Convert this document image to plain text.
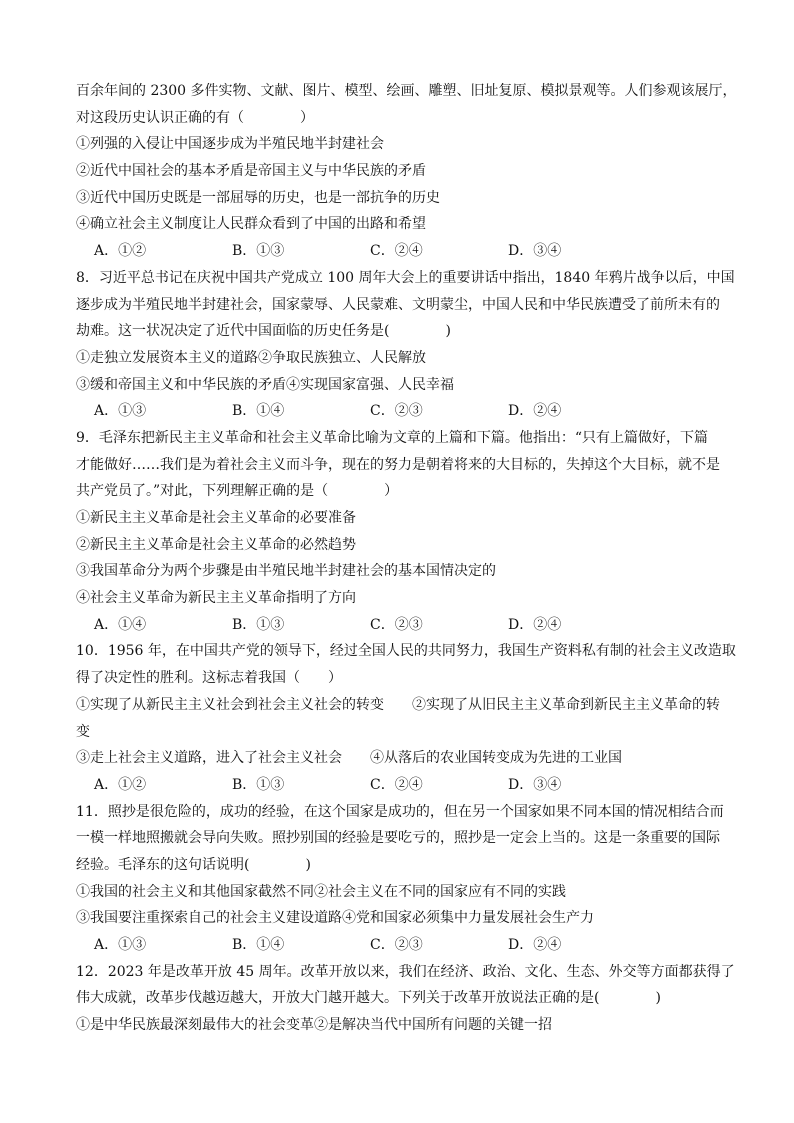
百余年间的 2300 多件实物、文献、图片、模型、绘画、雕塑、旧址复原、模拟景观等。人们参观该展厅，
对这段历史认识正确的有（　　　　）
①列强的入侵让中国逐步成为半殖民地半封建社会
②近代中国社会的基本矛盾是帝国主义与中华民族的矛盾
③近代中国历史既是一部屈辱的历史，也是一部抗争的历史
④确立社会主义制度让人民群众看到了中国的出路和希望
A．①②	B．①③	C．②④	D．③④
8．习近平总书记在庆祝中国共产党成立 100 周年大会上的重要讲话中指出，1840 年鸦片战争以后，中国
逐步成为半殖民地半封建社会，国家蒙辱、人民蒙难、文明蒙尘，中国人民和中华民族遭受了前所未有的
劫难。这一状况决定了近代中国面临的历史任务是(　　　　)
①走独立发展资本主义的道路②争取民族独立、人民解放
③缓和帝国主义和中华民族的矛盾④实现国家富强、人民幸福
A．①③	B．①④	C．②③	D．②④
9．毛泽东把新民主主义革命和社会主义革命比喻为文章的上篇和下篇。他指出：“只有上篇做好，下篇
才能做好……我们是为着社会主义而斗争，现在的努力是朝着将来的大目标的，失掉这个大目标，就不是
共产党员了。”对此，下列理解正确的是（　　　　）
①新民主主义革命是社会主义革命的必要准备
②新民主主义革命是社会主义革命的必然趋势
③我国革命分为两个步骤是由半殖民地半封建社会的基本国情决定的
④社会主义革命为新民主主义革命指明了方向
A．①④	B．①③	C．②③	D．②④
10．1956 年，在中国共产党的领导下，经过全国人民的共同努力，我国生产资料私有制的社会主义改造取
得了决定性的胜利。这标志着我国（　　）
①实现了从新民主主义社会到社会主义社会的转变　　②实现了从旧民主主义革命到新民主主义革命的转
变
③走上社会主义道路，进入了社会主义社会　　④从落后的农业国转变成为先进的工业国
A．①②	B．①③	C．②④	D．③④
11．照抄是很危险的，成功的经验，在这个国家是成功的，但在另一个国家如果不同本国的情况相结合而
一模一样地照搬就会导向失败。照抄别国的经验是要吃亏的，照抄是一定会上当的。这是一条重要的国际
经验。毛泽东的这句话说明(　　　　)
①我国的社会主义和其他国家截然不同②社会主义在不同的国家应有不同的实践
③我国要注重探索自己的社会主义建设道路④党和国家必须集中力量发展社会生产力
A．①③	B．①④	C．②③	D．②④
12．2023 年是改革开放 45 周年。改革开放以来，我们在经济、政治、文化、生态、外交等方面都获得了
伟大成就，改革步伐越迈越大，开放大门越开越大。下列关于改革开放说法正确的是(　　　　)
①是中华民族最深刻最伟大的社会变革②是解决当代中国所有问题的关键一招
